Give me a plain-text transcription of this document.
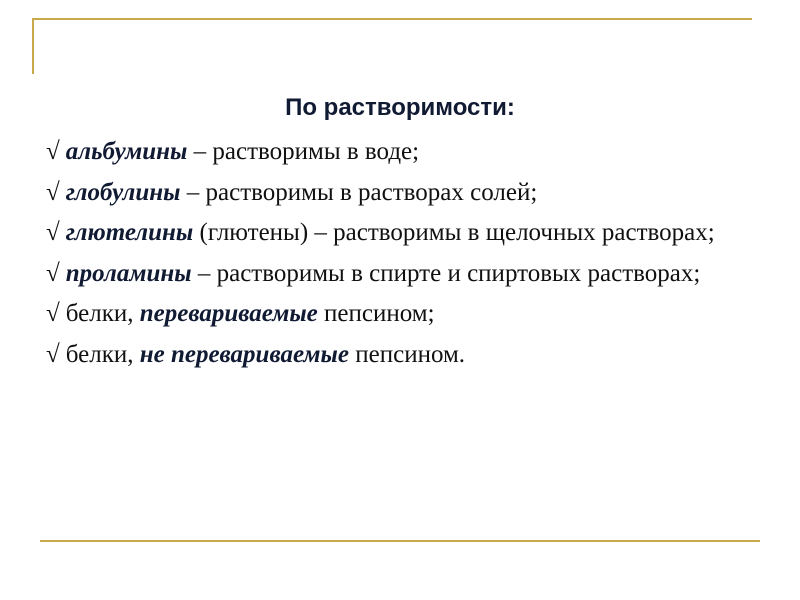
По растворимости:
√ альбумины – растворимы в воде;
√ глобулины – растворимы в растворах солей;
√ глютелины (глютены) – растворимы в щелочных растворах;
√ проламины – растворимы в спирте и спиртовых растворах;
√ белки, перевариваемые пепсином;
√ белки, не перевариваемые пепсином.
